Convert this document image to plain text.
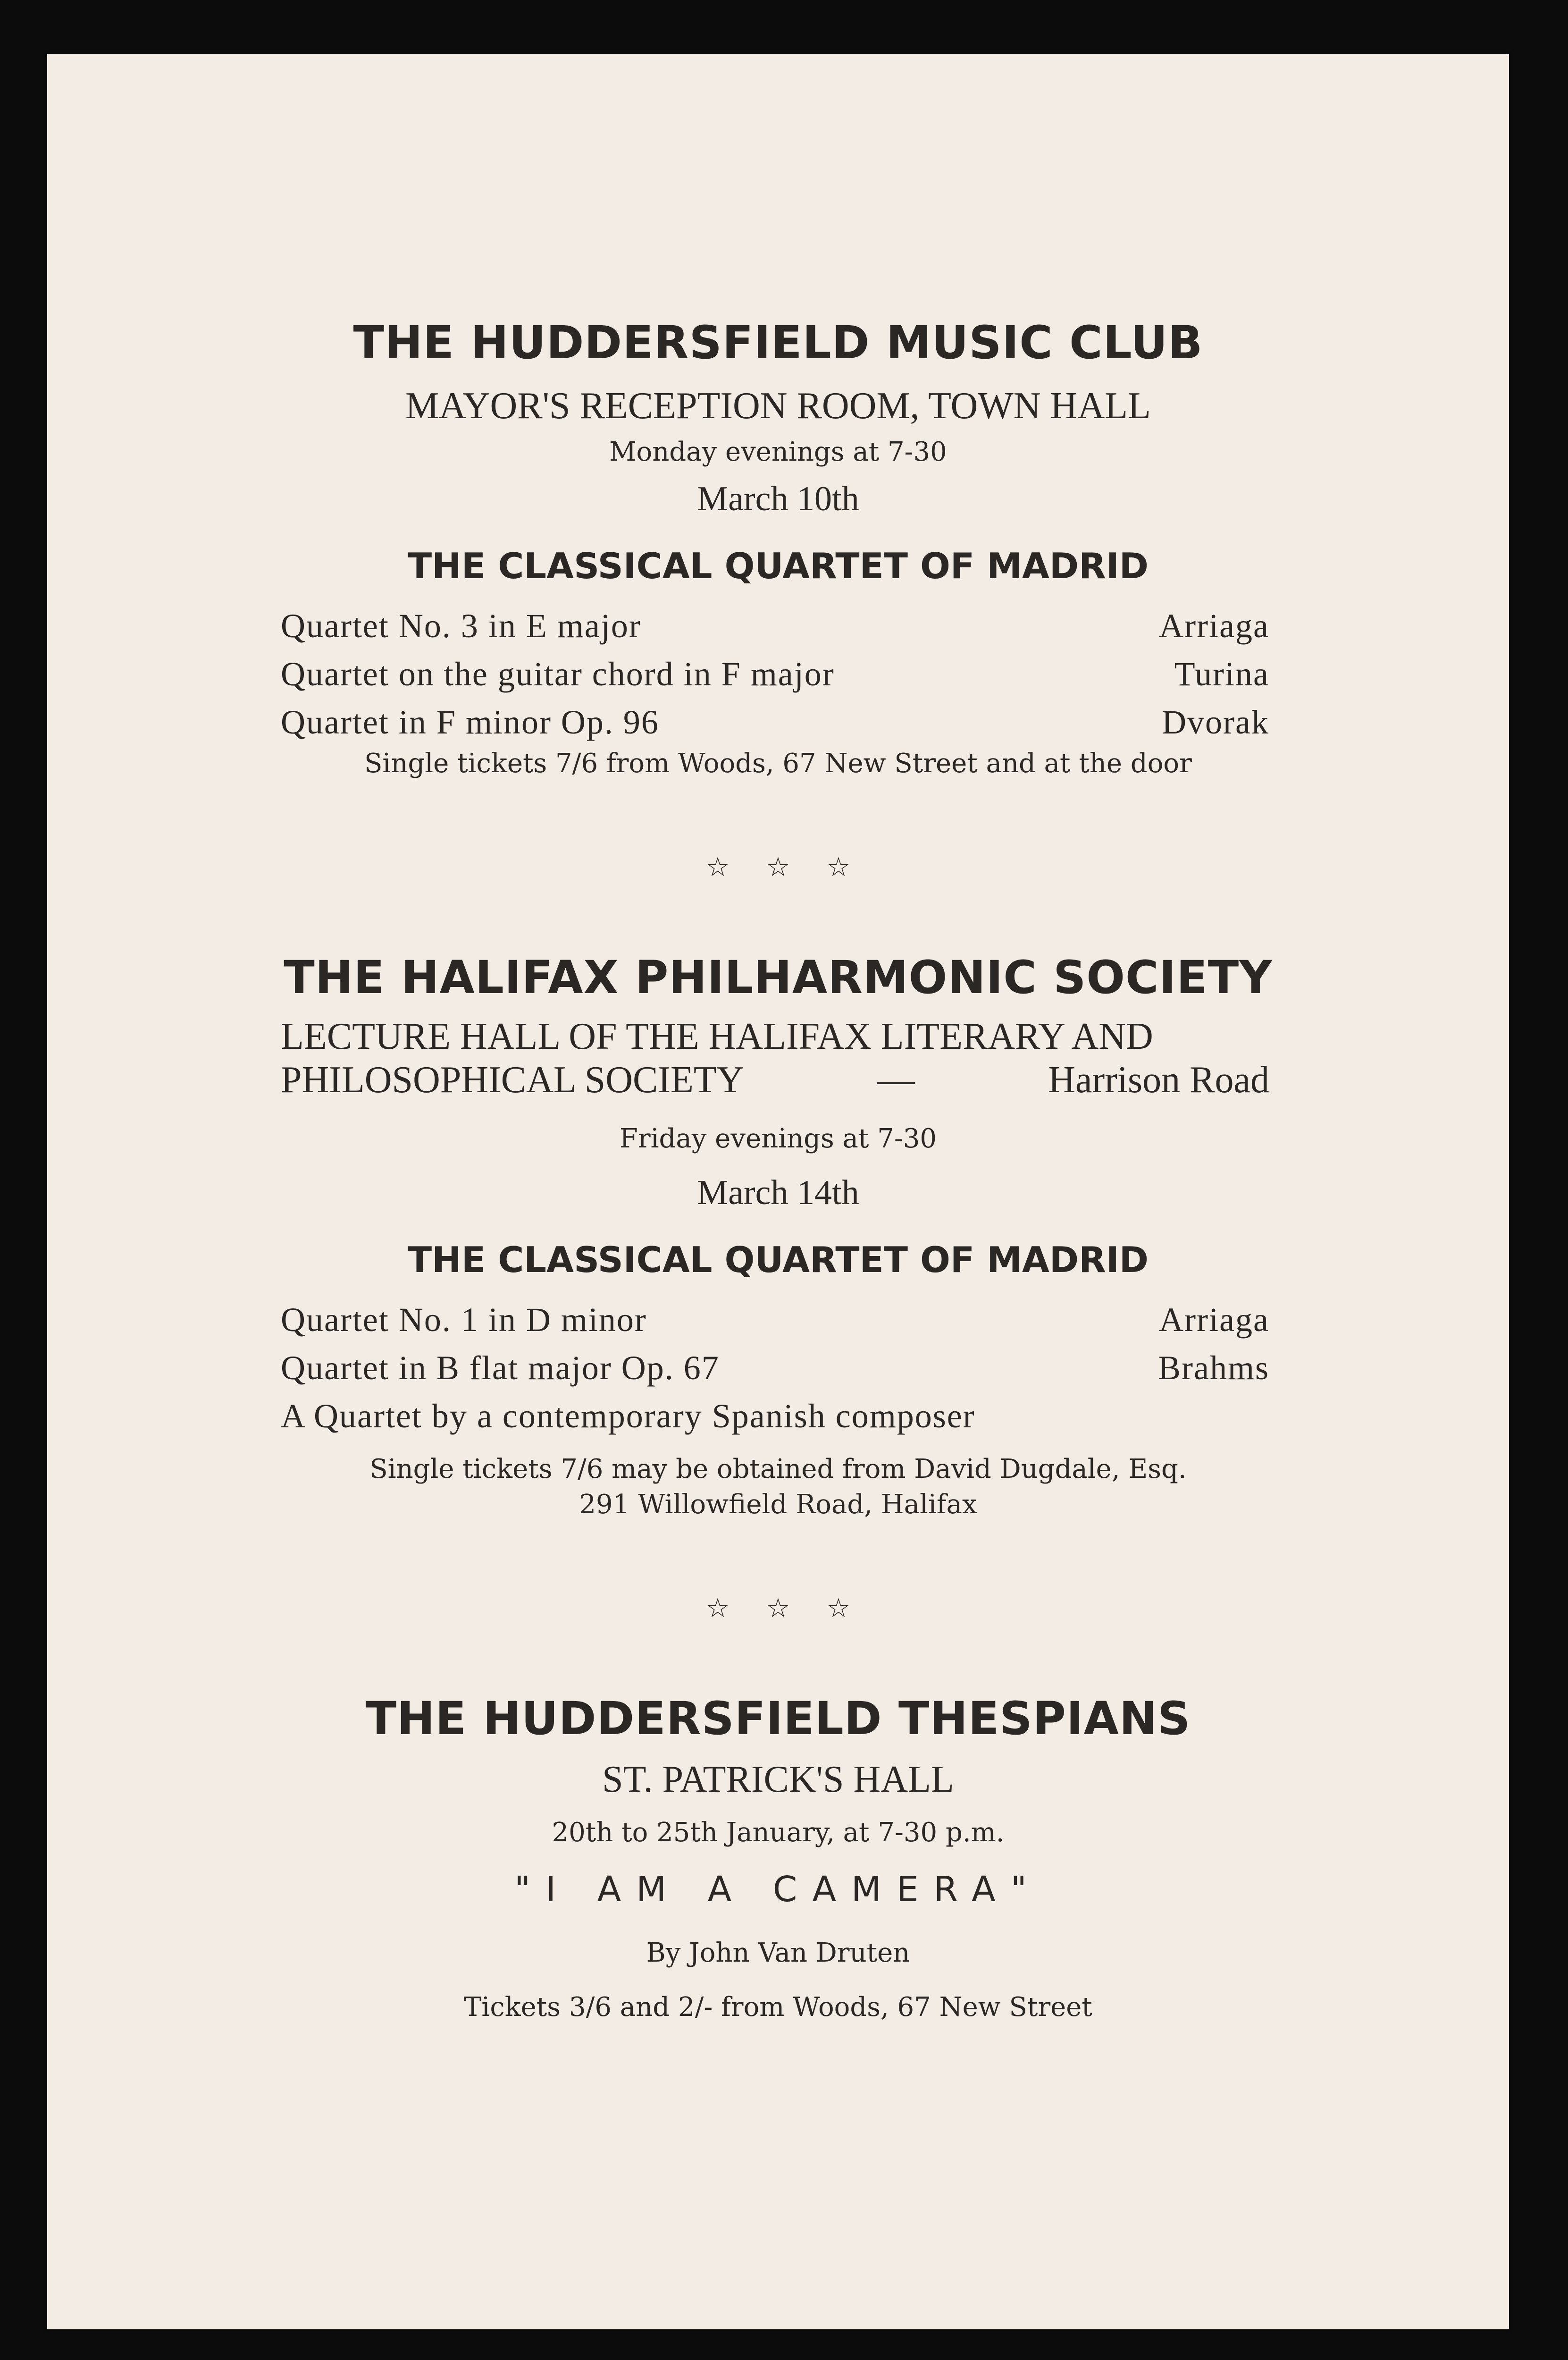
THE HUDDERSFIELD MUSIC CLUB
MAYOR'S RECEPTION ROOM, TOWN HALL
Monday evenings at 7-30
March 10th
THE CLASSICAL QUARTET OF MADRID
Quartet No. 3 in E major	Arriaga
Quartet on the guitar chord in F major	Turina
Quartet in F minor Op. 96	Dvorak
Single tickets 7/6 from Woods, 67 New Street and at the door
☆ ☆ ☆
THE HALIFAX PHILHARMONIC SOCIETY
LECTURE HALL OF THE HALIFAX LITERARY AND
PHILOSOPHICAL SOCIETY	—	Harrison Road
Friday evenings at 7-30
March 14th
THE CLASSICAL QUARTET OF MADRID
Quartet No. 1 in D minor	Arriaga
Quartet in B flat major Op. 67	Brahms
A Quartet by a contemporary Spanish composer
Single tickets 7/6 may be obtained from David Dugdale, Esq.
291 Willowfield Road, Halifax
☆ ☆ ☆
THE HUDDERSFIELD THESPIANS
ST. PATRICK'S HALL
20th to 25th January, at 7-30 p.m.
"I AM A CAMERA"
By John Van Druten
Tickets 3/6 and 2/- from Woods, 67 New Street
